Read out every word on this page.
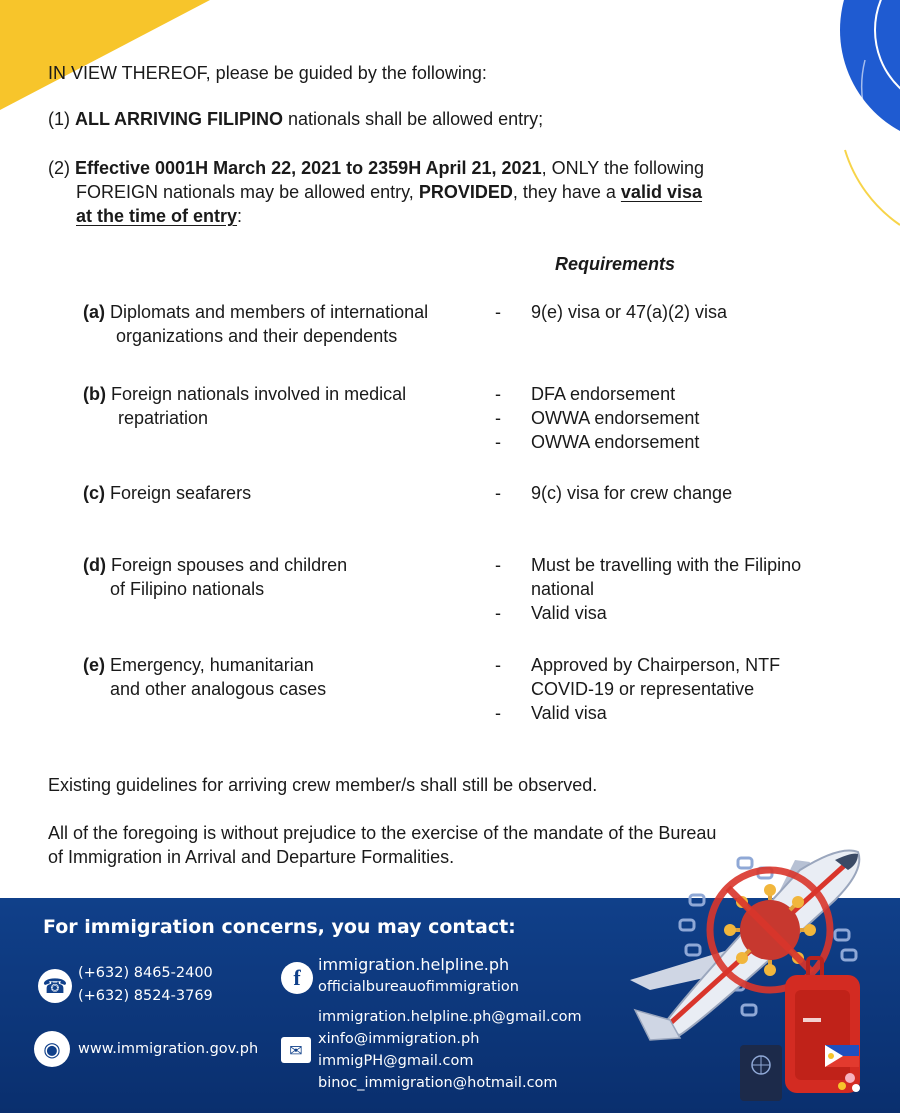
IN VIEW THEREOF, please be guided by the following:
(1) ALL ARRIVING FILIPINO nationals shall be allowed entry;
(2) Effective 0001H March 22, 2021 to 2359H April 21, 2021, ONLY the following
FOREIGN nationals may be allowed entry, PROVIDED, they have a valid visa
at the time of entry:
Requirements
(a) Diplomats and members of international
organizations and their dependents
- 9(e) visa or 47(a)(2) visa
(b) Foreign nationals involved in medical
repatriation
- DFA endorsement
- OWWA endorsement
- OWWA endorsement
(c) Foreign seafarers	- 9(c) visa for crew change
(d) Foreign spouses and children
of Filipino nationals
- Must be travelling with the Filipino
national
- Valid visa
(e) Emergency, humanitarian
and other analogous cases
- Approved by Chairperson, NTF
COVID-19 or representative
- Valid visa
Existing guidelines for arriving crew member/s shall still be observed.
All of the foregoing is without prejudice to the exercise of the mandate of the Bureau
of Immigration in Arrival and Departure Formalities.
For immigration concerns, you may contact:
☎
(+632) 8465-2400
(+632) 8524-3769
◉	www.immigration.gov.ph
f
immigration.helpline.ph
officialbureauofimmigration
✉
immigration.helpline.ph@gmail.com
xinfo@immigration.ph
immigPH@gmail.com
binoc_immigration@hotmail.com
